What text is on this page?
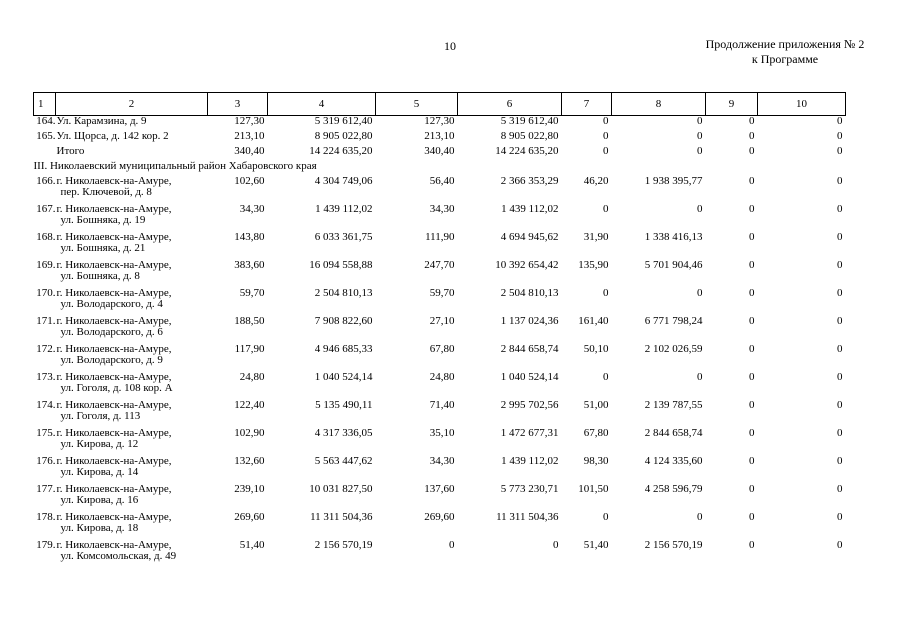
10	Продолжение приложения № 2
к Программе
1	2	3	4	5	6	7	8	9	10
164.	Ул. Карамзина, д. 9	127,30	5 319 612,40	127,30	5 319 612,40	0	0	0	0
165.	Ул. Щорса, д. 142 кор. 2	213,10	8 905 022,80	213,10	8 905 022,80	0	0	0	0

	Итого	340,40	14 224 635,20	340,40	14 224 635,20	0	0	0	0
III. Николаевский муниципальный район Хабаровского края									
166.	г. Николаевск-на-Амуре,
пер. Ключевой, д. 8	102,60	4 304 749,06	56,40	2 366 353,29	46,20	1 938 395,77	0	0
167.	г. Николаевск-на-Амуре,
ул. Бошняка, д. 19	34,30	1 439 112,02	34,30	1 439 112,02	0	0	0	0
168.	г. Николаевск-на-Амуре,
ул. Бошняка, д. 21	143,80	6 033 361,75	111,90	4 694 945,62	31,90	1 338 416,13	0	0
169.	г. Николаевск-на-Амуре,
ул. Бошняка, д. 8	383,60	16 094 558,88	247,70	10 392 654,42	135,90	5 701 904,46	0	0
170.	г. Николаевск-на-Амуре,
ул. Володарского, д. 4	59,70	2 504 810,13	59,70	2 504 810,13	0	0	0	0
171.	г. Николаевск-на-Амуре,
ул. Володарского, д. 6	188,50	7 908 822,60	27,10	1 137 024,36	161,40	6 771 798,24	0	0
172.	г. Николаевск-на-Амуре,
ул. Володарского, д. 9	117,90	4 946 685,33	67,80	2 844 658,74	50,10	2 102 026,59	0	0
173.	г. Николаевск-на-Амуре,
ул. Гоголя, д. 108 кор. А	24,80	1 040 524,14	24,80	1 040 524,14	0	0	0	0
174.	г. Николаевск-на-Амуре,
ул. Гоголя, д. 113	122,40	5 135 490,11	71,40	2 995 702,56	51,00	2 139 787,55	0	0
175.	г. Николаевск-на-Амуре,
ул. Кирова, д. 12	102,90	4 317 336,05	35,10	1 472 677,31	67,80	2 844 658,74	0	0
176.	г. Николаевск-на-Амуре,
ул. Кирова, д. 14	132,60	5 563 447,62	34,30	1 439 112,02	98,30	4 124 335,60	0	0
177.	г. Николаевск-на-Амуре,
ул. Кирова, д. 16	239,10	10 031 827,50	137,60	5 773 230,71	101,50	4 258 596,79	0	0
178.	г. Николаевск-на-Амуре,
ул. Кирова, д. 18	269,60	11 311 504,36	269,60	11 311 504,36	0	0	0	0
179.	г. Николаевск-на-Амуре,
ул. Комсомольская, д. 49	51,40	2 156 570,19	0	0	51,40	2 156 570,19	0	0
